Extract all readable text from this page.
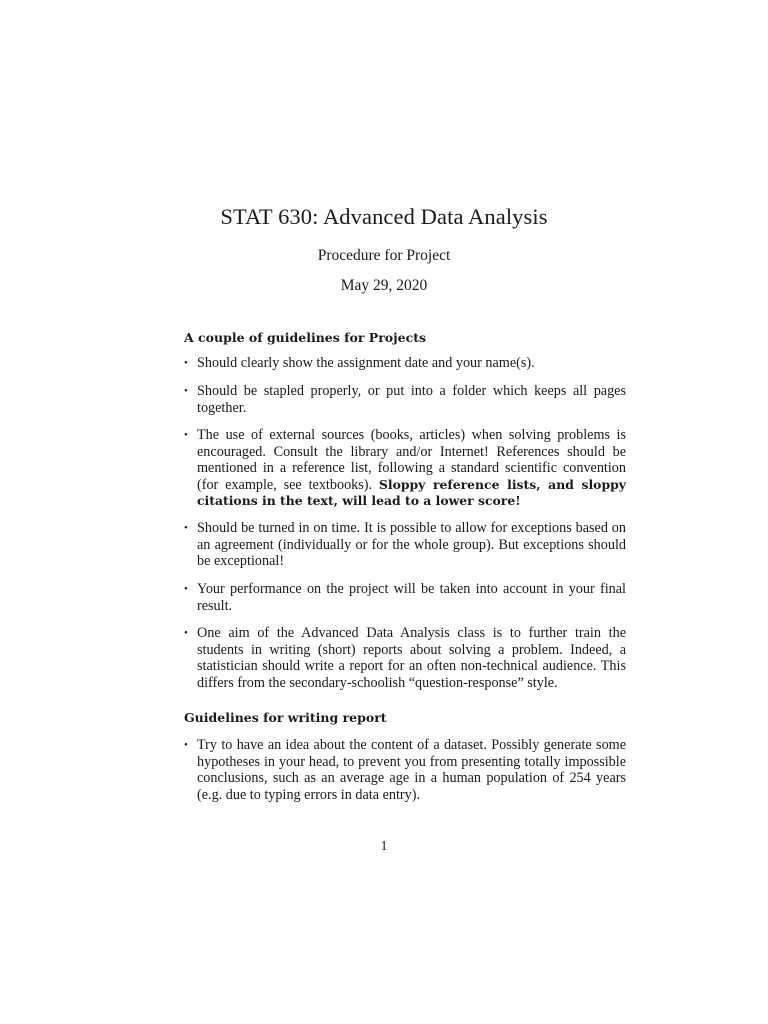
STAT 630: Advanced Data Analysis
Procedure for Project
May 29, 2020
A couple of guidelines for Projects
• Should clearly show the assignment date and your name(s).
• Should be stapled properly, or put into a folder which keeps all pages together.
• The use of external sources (books, articles) when solving problems is encouraged. Consult the library and/or Internet! References should be mentioned in a reference list, following a standard scientific convention (for example, see textbooks). Sloppy reference lists, and sloppy citations in the text, will lead to a lower score!
• Should be turned in on time. It is possible to allow for exceptions based on an agreement (individually or for the whole group). But exceptions should be exceptional!
• Your performance on the project will be taken into account in your final result.
• One aim of the Advanced Data Analysis class is to further train the students in writing (short) reports about solving a problem. Indeed, a statistician should write a report for an often non-technical audience. This differs from the secondary-schoolish “question-response” style.
Guidelines for writing report
• Try to have an idea about the content of a dataset. Possibly generate some hypotheses in your head, to prevent you from presenting totally impossible conclusions, such as an average age in a human population of 254 years (e.g. due to typing errors in data entry).
1
